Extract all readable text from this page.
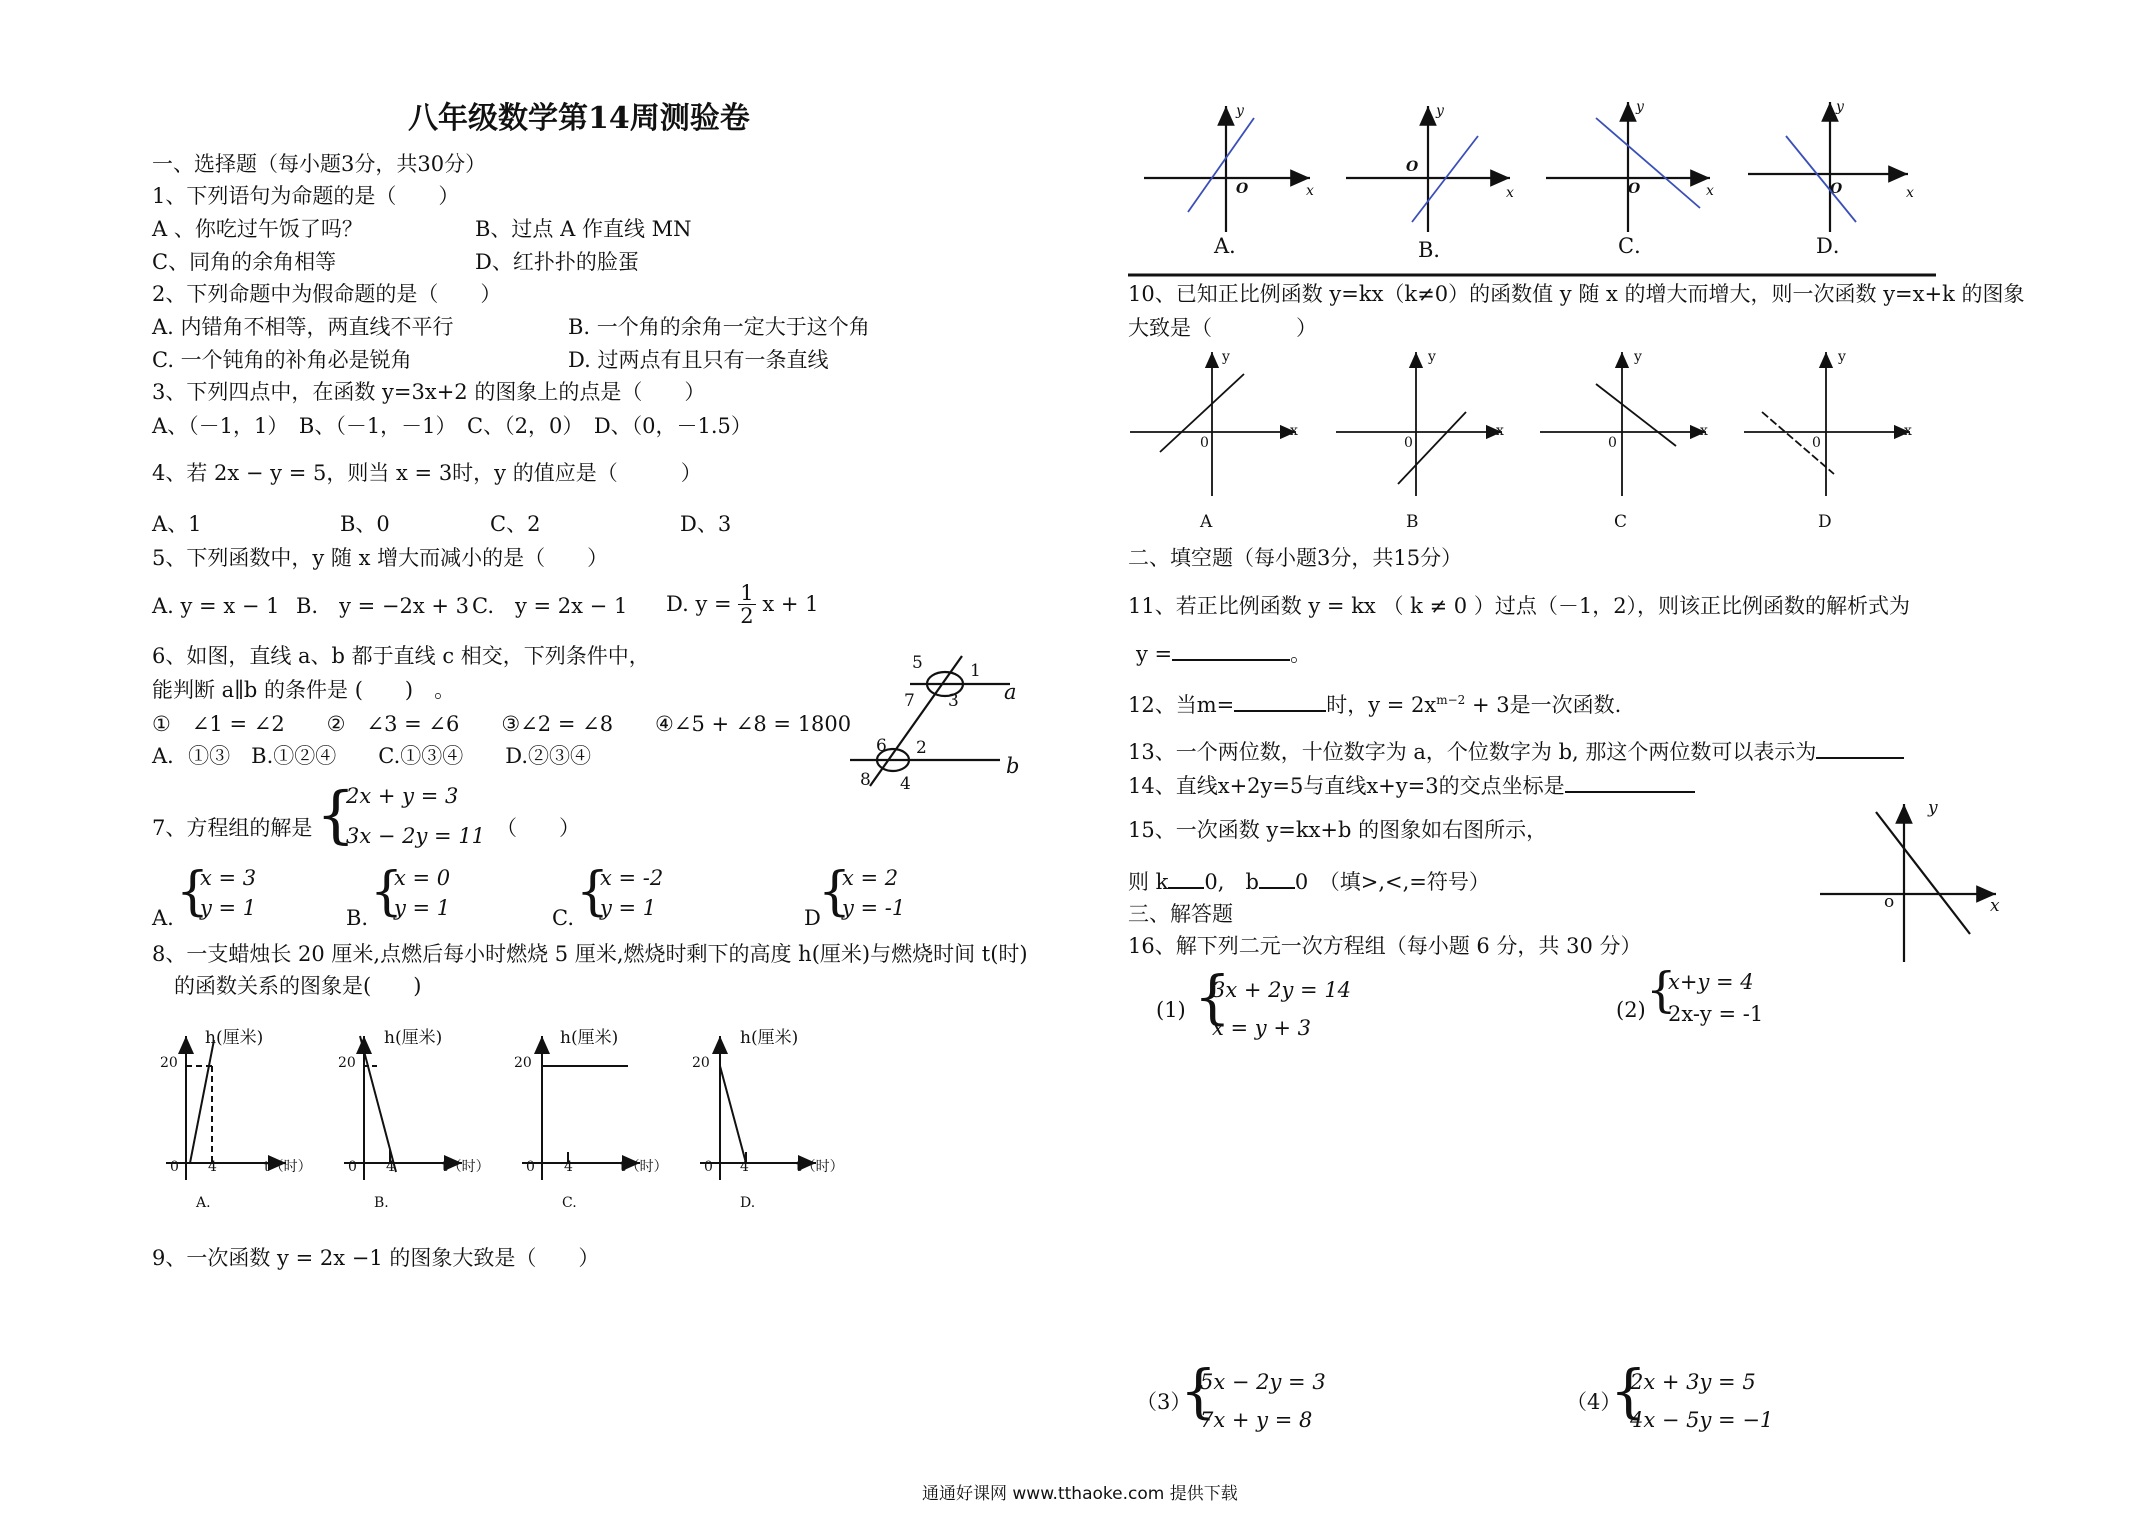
八年级数学第14周测验卷
一、选择题（每小题3分，共30分）
1、下列语句为命题的是（　　）
A 、你吃过午饭了吗？	B、过点 A 作直线 MN
C、同角的余角相等	D、红扑扑的脸蛋
2、下列命题中为假命题的是（　　）
A. 内错角不相等，两直线不平行	B. 一个角的余角一定大于这个角
C. 一个钝角的补角必是锐角	D. 过两点有且只有一条直线
3、下列四点中，在函数 y=3x+2 的图象上的点是（　　）
A、（－1，1）　B、（－1，－1）　C、（2，0）　D、（0，－1.5）
4、若 2x − y = 5，则当 x = 3时，y 的值应是（　　　）
A、1	B、0	C、2	D、3
5、下列函数中，y 随 x 增大而减小的是（　　）
A. y = x − 1 B.　y = −2x + 3 C.　y = 2x − 1 D. $y = \frac{1}{2}$ x + 1
6、如图，直线 a、b 都于直线 c 相交，下列条件中，
能判断 a∥b 的条件是 (　　)　。
①　∠1 = ∠2　　②　∠3 = ∠6　　③∠2 = ∠8　　④∠5 + ∠8 = 1800
A．①③　B.①②④　　C.①③④　　D.②③④
5	1
7 3
6 2
8 4
a
b
7、方程组的解是 {
2x + y = 3
3x − 2y = 11 （　　）
A. {
x = 3
y = 1	B. {
x = 0
y = 1	C. {
x = -2
y = 1	D
{
x = 2
y = -1
8、一支蜡烛长 20 厘米,点燃后每小时燃烧 5 厘米,燃烧时剩下的高度 h(厘米)与燃烧时间 t(时)
的函数关系的图象是(　　)
h(厘米)
20
0 4	t（时）
A.
h(厘米)
20
0 4	t（时）
B.
h(厘米)
20
0 4	t（时）
C.
h(厘米)
20
0 4	t（时）
D.
9、一次函数 y = 2x −1 的图象大致是（　　）
y
O	x
A．
y
O
x
B．
y
O	x
C．
y
O	x
D．
10、已知正比例函数 y=kx（k≠0）的函数值 y 随 x 的增大而增大，则一次函数 y=x+k 的图象
大致是（　　　　）
y
0
x
A
y
0
x
B
y
0
x
C
y
0
x
D
二、填空题（每小题3分，共15分）
11、若正比例函数 y = kx （ k ≠ 0 ）过点（－1，2），则该正比例函数的解析式为
y =	。
12、当m=	时，$y = 2x^{m-2} + 3$是一次函数.
13、一个两位数，十位数字为 a，个位数字为 b, 那这个两位数可以表示为
14、直线x+2y=5与直线x+y=3的交点坐标是
15、一次函数 y=kx+b 的图象如右图所示，
则 k 0,　b 0　（填>,<,=符号）
y
o	x
三、解答题
16、解下列二元一次方程组（每小题 6 分，共 30 分）
(1) {
3x + 2y = 14
x = y + 3
(2) {
x+y = 4
2x-y = -1
（3）
{
5x − 2y = 3
7x + y = 8
（4）
{
2x + 3y = 5
4x − 5y = −1
通通好课网 www.tthaoke.com 提供下载
